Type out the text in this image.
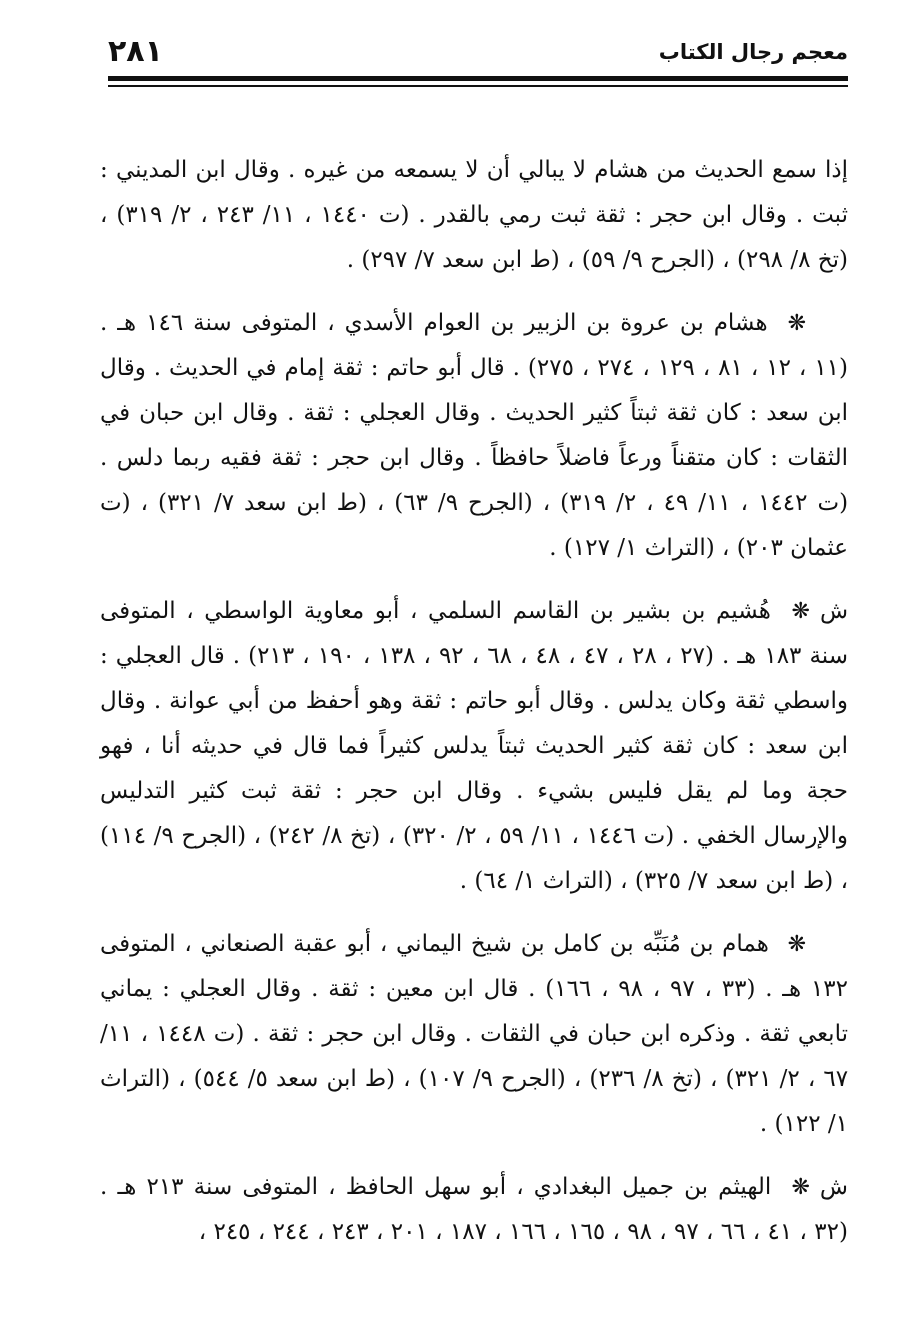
٢٨١	معجم رجال الكتاب

إذا سمع الحديث من هشام لا يبالي أن لا يسمعه من غيره . وقال ابن المديني : ثبت . وقال ابن حجر : ثقة ثبت رمي بالقدر . (ت ١٤٤٠ ، ١١/ ٢٤٣ ، ٢/ ٣١٩) ، (تخ ٨/ ٢٩٨) ، (الجرح ٩/ ٥٩) ، (ط ابن سعد ٧/ ٢٩٧) .

❋ هشام بن عروة بن الزبير بن العوام الأسدي ، المتوفى سنة ١٤٦ هـ . (١١ ، ١٢ ، ٨١ ، ١٢٩ ، ٢٧٤ ، ٢٧٥) . قال أبو حاتم : ثقة إمام في الحديث . وقال ابن سعد : كان ثقة ثبتاً كثير الحديث . وقال العجلي : ثقة . وقال ابن حبان في الثقات : كان متقناً ورعاً فاضلاً حافظاً . وقال ابن حجر : ثقة فقيه ربما دلس . (ت ١٤٤٢ ، ١١/ ٤٩ ، ٢/ ٣١٩) ، (الجرح ٩/ ٦٣) ، (ط ابن سعد ٧/ ٣٢١) ، (ت عثمان ٢٠٣) ، (التراث ١/ ١٢٧) .

ش❋ هُشيم بن بشير بن القاسم السلمي ، أبو معاوية الواسطي ، المتوفى سنة ١٨٣ هـ . (٢٧ ، ٢٨ ، ٤٧ ، ٤٨ ، ٦٨ ، ٩٢ ، ١٣٨ ، ١٩٠ ، ٢١٣) . قال العجلي : واسطي ثقة وكان يدلس . وقال أبو حاتم : ثقة وهو أحفظ من أبي عوانة . وقال ابن سعد : كان ثقة كثير الحديث ثبتاً يدلس كثيراً فما قال في حديثه أنا ، فهو حجة وما لم يقل فليس بشيء . وقال ابن حجر : ثقة ثبت كثير التدليس والإرسال الخفي . (ت ١٤٤٦ ، ١١/ ٥٩ ، ٢/ ٣٢٠) ، (تخ ٨/ ٢٤٢) ، (الجرح ٩/ ١١٤) ، (ط ابن سعد ٧/ ٣٢٥) ، (التراث ١/ ٦٤) .

❋ همام بن مُنَبِّه بن كامل بن شيخ اليماني ، أبو عقبة الصنعاني ، المتوفى ١٣٢ هـ . (٣٣ ، ٩٧ ، ٩٨ ، ١٦٦) . قال ابن معين : ثقة . وقال العجلي : يماني تابعي ثقة . وذكره ابن حبان في الثقات . وقال ابن حجر : ثقة . (ت ١٤٤٨ ، ١١/ ٦٧ ، ٢/ ٣٢١) ، (تخ ٨/ ٢٣٦) ، (الجرح ٩/ ١٠٧) ، (ط ابن سعد ٥/ ٥٤٤) ، (التراث ١/ ١٢٢) .

ش❋ الهيثم بن جميل البغدادي ، أبو سهل الحافظ ، المتوفى سنة ٢١٣ هـ . (٣٢ ، ٤١ ، ٦٦ ، ٩٧ ، ٩٨ ، ١٦٥ ، ١٦٦ ، ١٨٧ ، ٢٠١ ، ٢٤٣ ، ٢٤٤ ، ٢٤٥ ،
